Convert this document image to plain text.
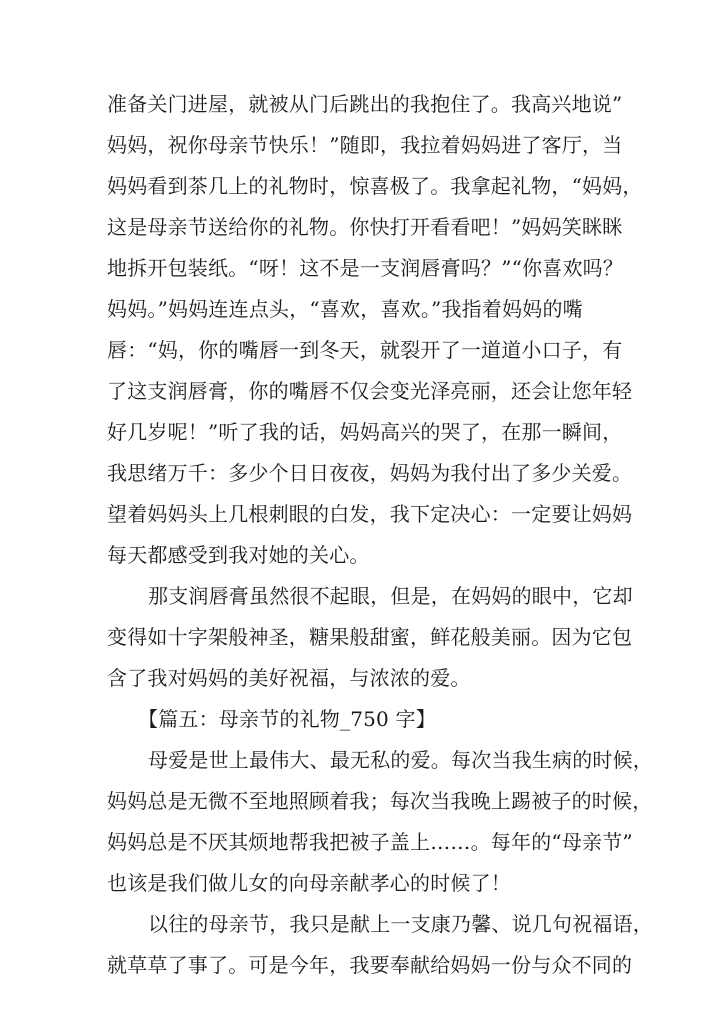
准备关门进屋，就被从门后跳出的我抱住了。我高兴地说”
妈妈，祝你母亲节快乐！”随即，我拉着妈妈进了客厅，当
妈妈看到茶几上的礼物时，惊喜极了。我拿起礼物，“妈妈，
这是母亲节送给你的礼物。你快打开看看吧！”妈妈笑眯眯
地拆开包装纸。“呀！这不是一支润唇膏吗？”“你喜欢吗？
妈妈。”妈妈连连点头，“喜欢，喜欢。”我指着妈妈的嘴
唇：“妈，你的嘴唇一到冬天，就裂开了一道道小口子，有
了这支润唇膏，你的嘴唇不仅会变光泽亮丽，还会让您年轻
好几岁呢！”听了我的话，妈妈高兴的哭了，在那一瞬间，
我思绪万千：多少个日日夜夜，妈妈为我付出了多少关爱。
望着妈妈头上几根刺眼的白发，我下定决心：一定要让妈妈
每天都感受到我对她的关心。
那支润唇膏虽然很不起眼，但是，在妈妈的眼中，它却
变得如十字架般神圣，糖果般甜蜜，鲜花般美丽。因为它包
含了我对妈妈的美好祝福，与浓浓的爱。
【篇五：母亲节的礼物_750 字】
母爱是世上最伟大、最无私的爱。每次当我生病的时候，
妈妈总是无微不至地照顾着我；每次当我晚上踢被子的时候，
妈妈总是不厌其烦地帮我把被子盖上……。每年的“母亲节”
也该是我们做儿女的向母亲献孝心的时候了！
以往的母亲节，我只是献上一支康乃馨、说几句祝福语，
就草草了事了。可是今年，我要奉献给妈妈一份与众不同的
